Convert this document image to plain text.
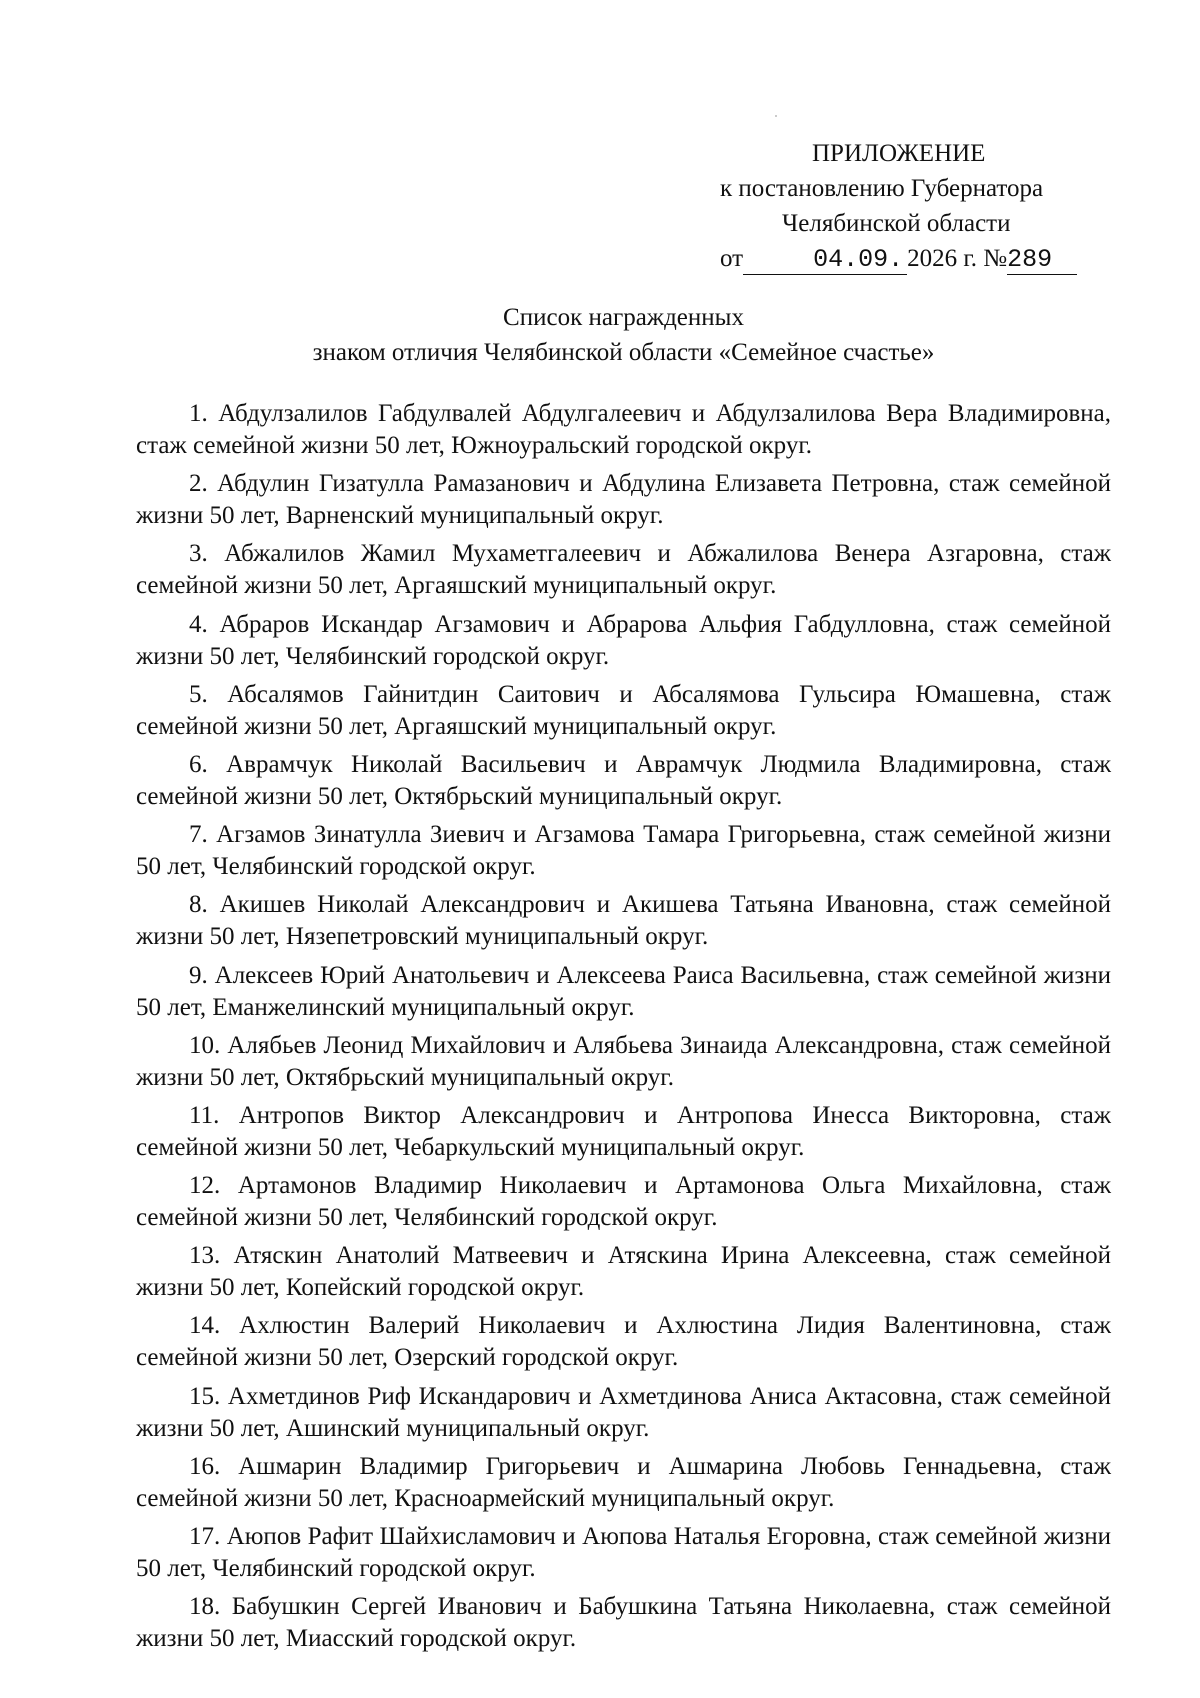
ПРИЛОЖЕНИЕ
к постановлению Губернатора
Челябинской области
от	04.09. 2026 г. №289
Список награжденных
знаком отличия Челябинской области «Семейное счастье»
1. Абдулзалилов Габдулвалей Абдулгалеевич и Абдулзалилова Вера Владимировна, стаж семейной жизни 50 лет, Южноуральский городской округ.
2. Абдулин Гизатулла Рамазанович и Абдулина Елизавета Петровна, стаж семейной жизни 50 лет, Варненский муниципальный округ.
3. Абжалилов Жамил Мухаметгалеевич и Абжалилова Венера Азгаровна, стаж семейной жизни 50 лет, Аргаяшский муниципальный округ.
4. Абраров Искандар Агзамович и Абрарова Альфия Габдулловна, стаж семейной жизни 50 лет, Челябинский городской округ.
5. Абсалямов Гайнитдин Саитович и Абсалямова Гульсира Юмашевна, стаж семейной жизни 50 лет, Аргаяшский муниципальный округ.
6. Аврамчук Николай Васильевич и Аврамчук Людмила Владимировна, стаж семейной жизни 50 лет, Октябрьский муниципальный округ.
7. Агзамов Зинатулла Зиевич и Агзамова Тамара Григорьевна, стаж семейной жизни 50 лет, Челябинский городской округ.
8. Акишев Николай Александрович и Акишева Татьяна Ивановна, стаж семейной жизни 50 лет, Нязепетровский муниципальный округ.
9. Алексеев Юрий Анатольевич и Алексеева Раиса Васильевна, стаж семейной жизни 50 лет, Еманжелинский муниципальный округ.
10. Алябьев Леонид Михайлович и Алябьева Зинаида Александровна, стаж семейной жизни 50 лет, Октябрьский муниципальный округ.
11. Антропов Виктор Александрович и Антропова Инесса Викторовна, стаж семейной жизни 50 лет, Чебаркульский муниципальный округ.
12. Артамонов Владимир Николаевич и Артамонова Ольга Михайловна, стаж семейной жизни 50 лет, Челябинский городской округ.
13. Атяскин Анатолий Матвеевич и Атяскина Ирина Алексеевна, стаж семейной жизни 50 лет, Копейский городской округ.
14. Ахлюстин Валерий Николаевич и Ахлюстина Лидия Валентиновна, стаж семейной жизни 50 лет, Озерский городской округ.
15. Ахметдинов Риф Искандарович и Ахметдинова Аниса Актасовна, стаж семейной жизни 50 лет, Ашинский муниципальный округ.
16. Ашмарин Владимир Григорьевич и Ашмарина Любовь Геннадьевна, стаж семейной жизни 50 лет, Красноармейский муниципальный округ.
17. Аюпов Рафит Шайхисламович и Аюпова Наталья Егоровна, стаж семейной жизни 50 лет, Челябинский городской округ.
18. Бабушкин Сергей Иванович и Бабушкина Татьяна Николаевна, стаж семейной жизни 50 лет, Миасский городской округ.
